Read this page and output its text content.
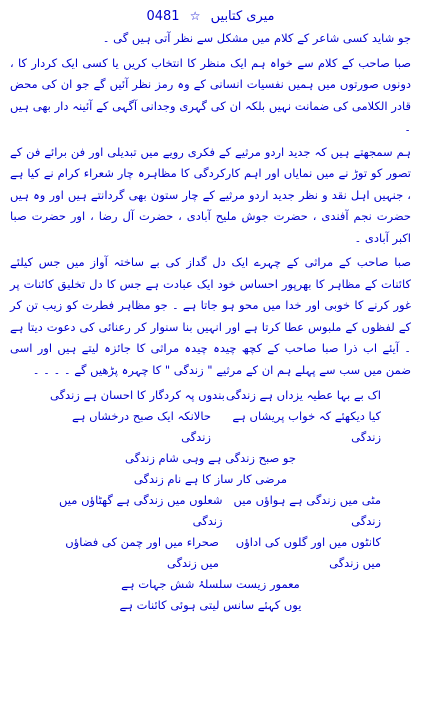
میری کتابیں ☆ 0481

جو شاید کسی شاعر کے کلام میں مشکل سے نظر آتی ہیں گی ۔

صبا صاحب کے کلام سے خواہ ہم ایک منظر کا انتخاب کریں یا کسی ایک کردار کا ، دونوں صورتوں میں ہمیں نفسیات انسانی کے وہ رمز نظر آئیں گے جو ان کی محض قادر الکلامی کی ضمانت نہیں بلکہ ان کی گہری وجدانی آگہی کے آئینہ دار بھی ہیں ۔

ہم سمجھتے ہیں کہ جدید اردو مرثیے کے فکری رویے میں تبدیلی اور فن برائے فن کے تصور کو توڑ نے میں نمایاں اور اہم کارکردگی کا مظاہرہ چار شعراء کرام نے کیا ہے ، جنہیں اہل نقد و نظر جدید اردو مرثیے کے چار ستون بھی گردانتے ہیں اور وہ ہیں حضرت نجم آفندی ، حضرت جوش ملیح آبادی ، حضرت آل رضا ، اور حضرت صبا اکبر آبادی ۔

صبا صاحب کے مراثی کے چہرے ایک دل گداز کی بے ساختہ آواز میں جس کیلئے کائنات کے مظاہر کا بھرپور احساس خود ایک عبادت ہے جس کا دل تخلیق کائنات پر غور کرنے کا خوبی اور خدا میں محو ہو جاتا ہے ۔ جو مظاہر فطرت کو زیب تن کر کے لفظوں کے ملبوس عطا کرتا ہے اور انہیں بنا سنوار کر رعنائی کی دعوت دیتا ہے ۔ آیئے اب ذرا صبا صاحب کے کچھ چیدہ چیدہ مراثی کا جائزہ لیتے ہیں اور اسی ضمن میں سب سے پہلے ہم ان کے مرثیے " زندگی " کا چہرہ پڑھیں گے ۔ ۔ ۔ ۔

اک بے بہا عطیہ یزداں ہے زندگی
بندوں پہ کردگار کا احسان ہے زندگی
کیا دیکھئے کہ خواب پریشاں ہے زندگی
حالانکہ ایک صبح درخشاں ہے زندگی
جو صبح زندگی ہے وہی شام زندگی
مرضی کار ساز کا ہے نام زندگی
مٹی میں زندگی ہے ہواؤں میں زندگی
شعلوں میں زندگی ہے گھٹاؤں میں زندگی
کانٹوں میں اور گلوں کی اداؤں میں زندگی
صحراء میں اور چمن کی فضاؤں میں زندگی
معمور زیست سلسلۂ شش جہات ہے
یوں کہئے سانس لیتی ہوئی کائنات ہے
